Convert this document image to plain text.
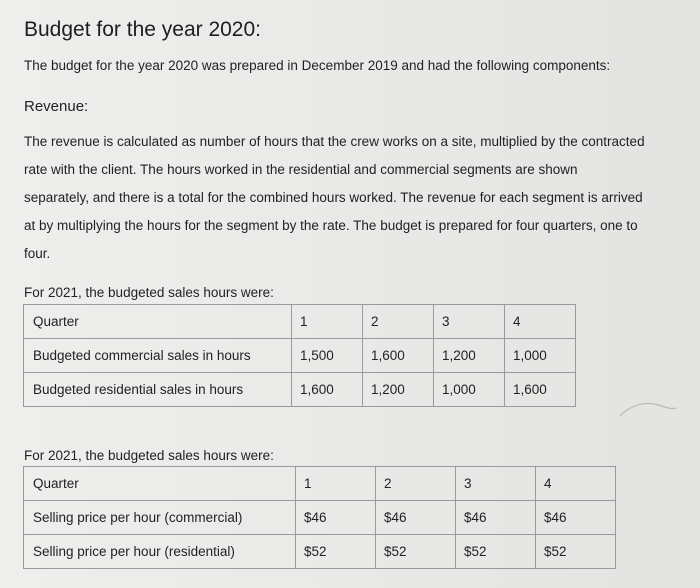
Budget for the year 2020:

The budget for the year 2020 was prepared in December 2019 and had the following components:

Revenue:

The revenue is calculated as number of hours that the crew works on a site, multiplied by the contracted
rate with the client. The hours worked in the residential and commercial segments are shown
separately, and there is a total for the combined hours worked. The revenue for each segment is arrived
at by multiplying the hours for the segment by the rate. The budget is prepared for four quarters, one to
four.

For 2021, the budgeted sales hours were:

Quarter	1	2	3	4
Budgeted commercial sales in hours	1,500	1,600	1,200	1,000
Budgeted residential sales in hours	1,600	1,200	1,000	1,600

For 2021, the budgeted sales hours were:

Quarter	1	2	3	4
Selling price per hour (commercial)	$46	$46	$46	$46
Selling price per hour (residential)	$52	$52	$52	$52
